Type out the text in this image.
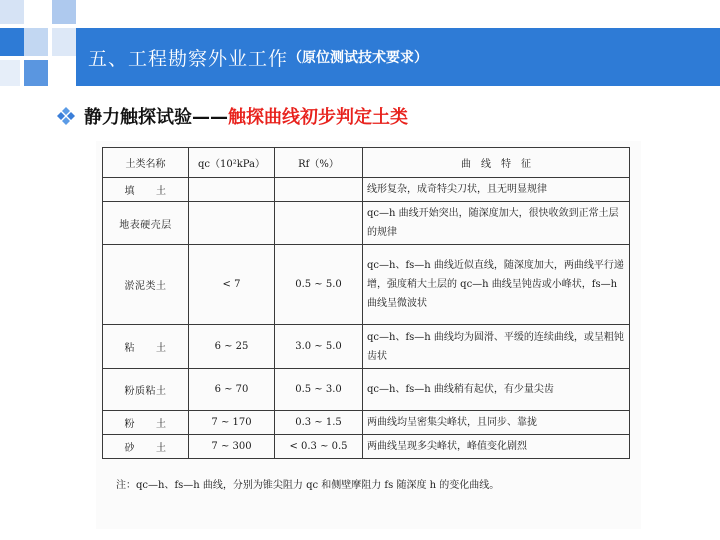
五、工程勘察外业工作 （原位测试技术要求）
静力触探试验—— 触探曲线初步判定土类
土类名称	qc（10²kPa）	Rf（%）	曲　线　特　征
填　　土			线形复杂，成奇特尖刀状，且无明显规律
地表硬壳层			qc—h 曲线开始突出，随深度加大，很快收敛到正常土层的规律
淤泥类土	< 7	0.5 ~ 5.0	qc—h、fs—h 曲线近似直线，随深度加大，两曲线平行递增，强度稍大土层的 qc—h 曲线呈钝齿或小峰状，fs—h 曲线呈微波状
粘　　土	6 ~ 25	3.0 ~ 5.0	qc—h、fs—h 曲线均为圆滑、平缓的连续曲线，或呈粗钝齿状
粉质粘土	6 ~ 70	0.5 ~ 3.0	qc—h、fs—h 曲线稍有起伏，有少量尖齿
粉　　土	7 ~ 170	0.3 ~ 1.5	两曲线均呈密集尖峰状，且同步、靠拢
砂　　土	7 ~ 300	< 0.3 ~ 0.5	两曲线呈现多尖峰状，峰值变化剧烈
注：qc—h、fs—h 曲线，分别为锥尖阻力 qc 和侧壁摩阻力 fs 随深度 h 的变化曲线。
